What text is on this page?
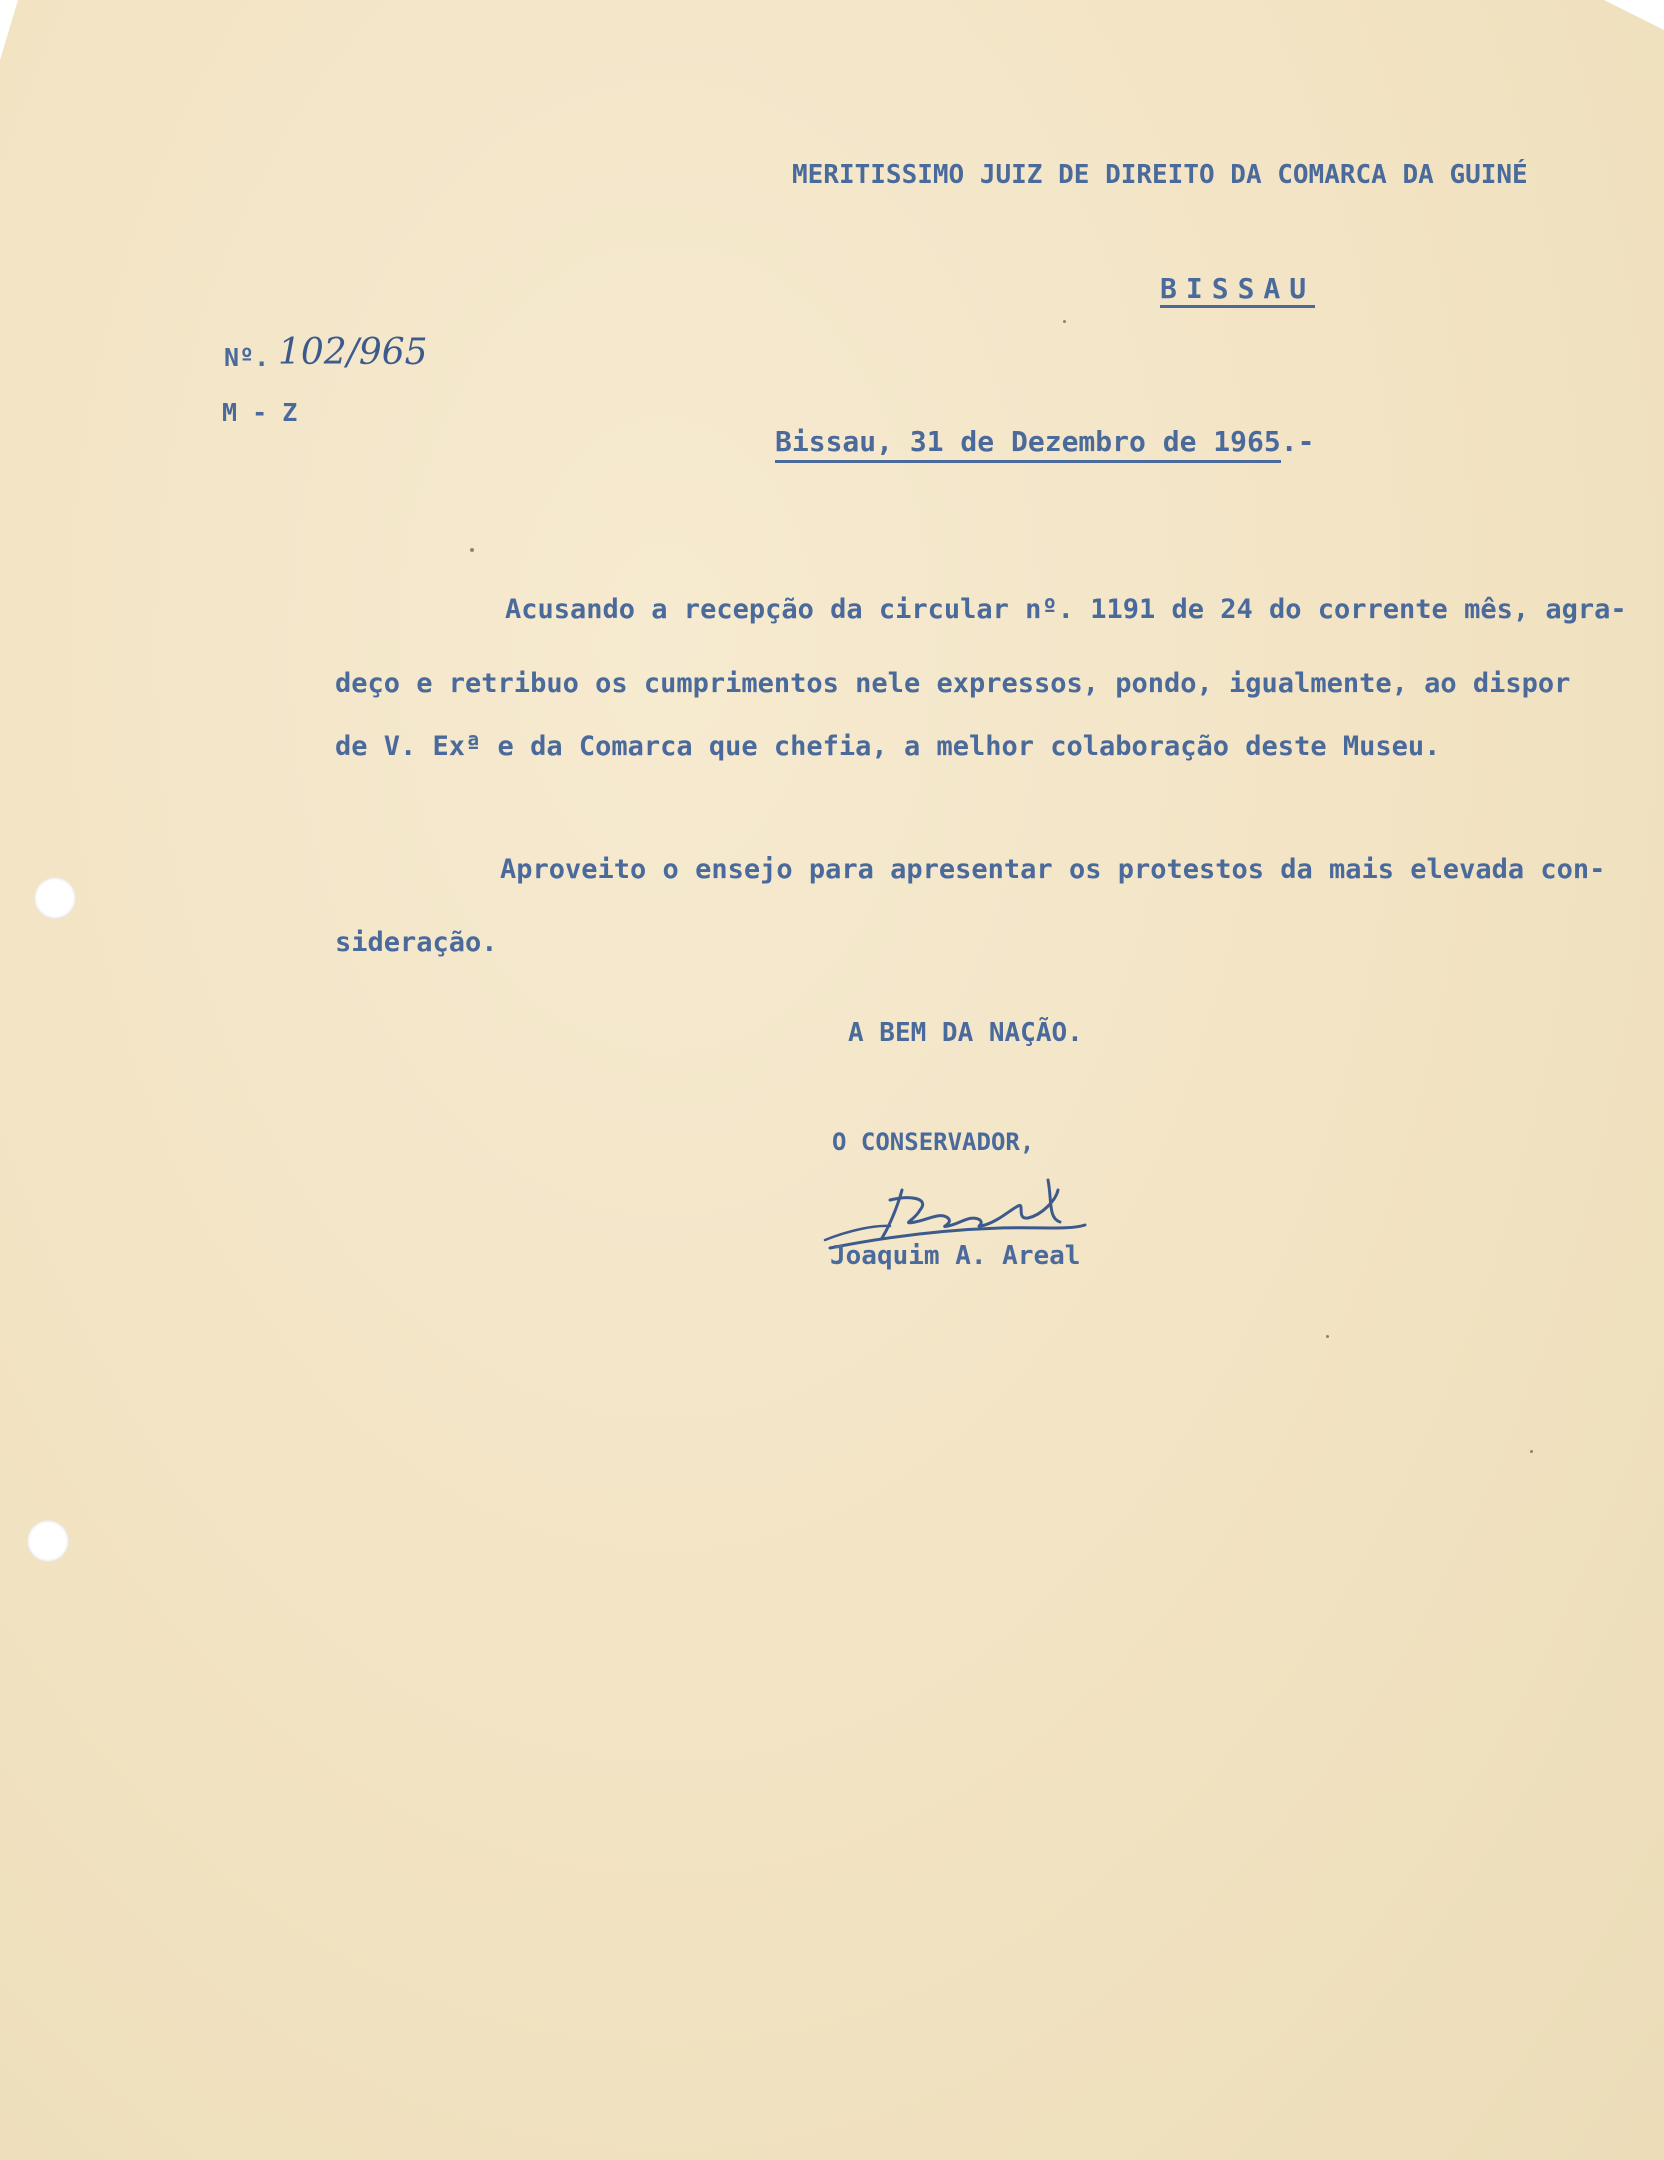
MERITISSIMO JUIZ DE DIREITO DA COMARCA DA GUINÉ
BISSAU
Nº. 102/965
M - Z
Bissau, 31 de Dezembro de 1965.-
Acusando a recepção da circular nº. 1191 de 24 do corrente mês, agra-
deço e retribuo os cumprimentos nele expressos, pondo, igualmente, ao dispor
de V. Exª e da Comarca que chefia, a melhor colaboração deste Museu.
Aproveito o ensejo para apresentar os protestos da mais elevada con-
sideração.
A BEM DA NAÇÃO.
O CONSERVADOR,
Joaquim A. Areal
